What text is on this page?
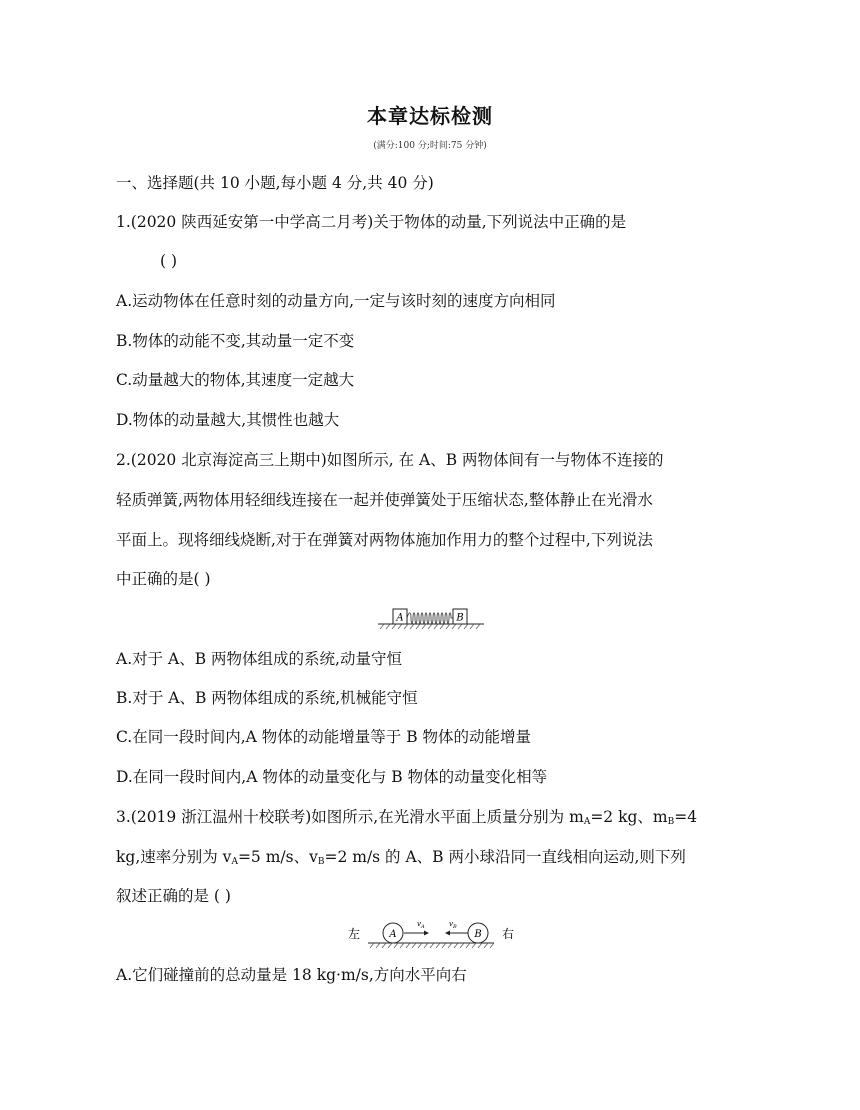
本章达标检测
(满分:100 分;时间:75 分钟)
一、选择题(共 10 小题,每小题 4 分,共 40 分)
1.(2020 陕西延安第一中学高二月考)关于物体的动量,下列说法中正确的是
( )
A.运动物体在任意时刻的动量方向,一定与该时刻的速度方向相同
B.物体的动能不变,其动量一定不变
C.动量越大的物体,其速度一定越大
D.物体的动量越大,其惯性也越大
2.(2020 北京海淀高三上期中)如图所示, 在 A、B 两物体间有一与物体不连接的
轻质弹簧,两物体用轻细线连接在一起并使弹簧处于压缩状态,整体静止在光滑水
平面上。现将细线烧断,对于在弹簧对两物体施加作用力的整个过程中,下列说法
中正确的是( )
A	B
A.对于 A、B 两物体组成的系统,动量守恒
B.对于 A、B 两物体组成的系统,机械能守恒
C.在同一段时间内,A 物体的动能增量等于 B 物体的动能增量
D.在同一段时间内,A 物体的动量变化与 B 物体的动量变化相等
3.(2019 浙江温州十校联考)如图所示,在光滑水平面上质量分别为 $m_A=2$ kg、$m_B=4$
kg,速率分别为 $v_A=5$ m/s、$v_B=2$ m/s 的 A、B 两小球沿同一直线相向运动,则下列
叙述正确的是 ( )
左	右
A
$v_A$	$v_B$
B
A.它们碰撞前的总动量是 18 kg·m/s,方向水平向右
